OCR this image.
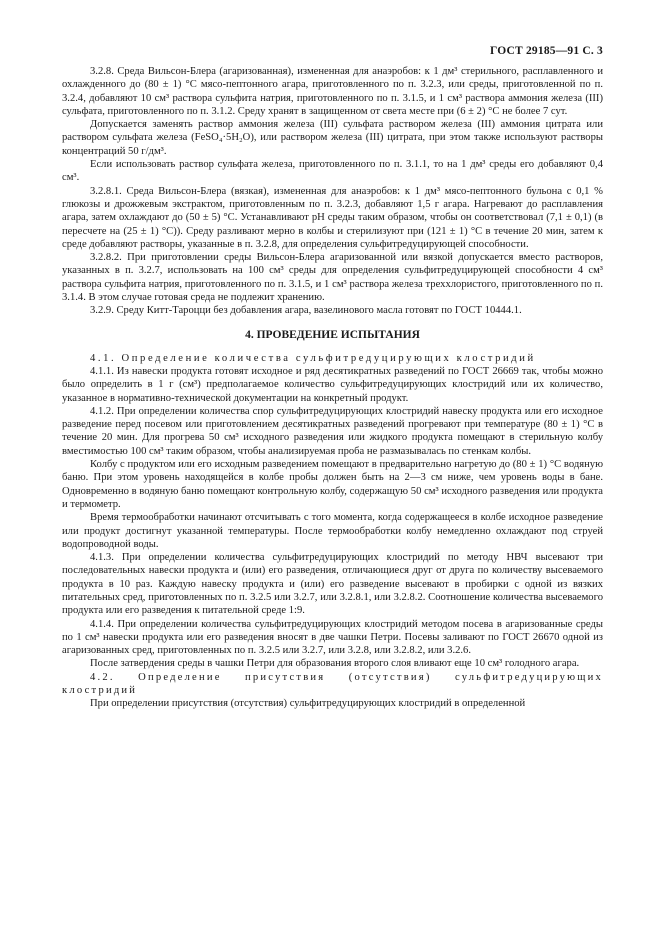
ГОСТ 29185—91 С. 3

3.2.8. Среда Вильсон-Блера (агаризованная), измененная для анаэробов: к 1 дм³ стерильного, расплавленного и охлажденного до (80 ± 1) °С мясо-пептонного агара, приготовленного по п. 3.2.3, или среды, приготовленной по п. 3.2.4, добавляют 10 см³ раствора сульфита натрия, приготовленного по п. 3.1.5, и 1 см³ раствора аммония железа (III) сульфата, приготовленного по п. 3.1.2. Среду хранят в защищенном от света месте при (6 ± 2) °С не более 7 сут.

Допускается заменять раствор аммония железа (III) сульфата раствором железа (III) аммония цитрата или раствором сульфата железа (FeSO₄·5H₂O), или раствором железа (III) цитрата, при этом также используют растворы концентраций 50 г/дм³.

Если использовать раствор сульфата железа, приготовленного по п. 3.1.1, то на 1 дм³ среды его добавляют 0,4 см³.

3.2.8.1. Среда Вильсон-Блера (вязкая), измененная для анаэробов: к 1 дм³ мясо-пептонного бульона с 0,1 % глюкозы и дрожжевым экстрактом, приготовленным по п. 3.2.3, добавляют 1,5 г агара. Нагревают до расплавления агара, затем охлаждают до (50 ± 5) °С. Устанавливают pH среды таким образом, чтобы он соответствовал (7,1 ± 0,1) (в пересчете на (25 ± 1) °С)). Среду разливают мерно в колбы и стерилизуют при (121 ± 1) °С в течение 20 мин, затем к среде добавляют растворы, указанные в п. 3.2.8, для определения сульфитредуцирующей способности.

3.2.8.2. При приготовлении среды Вильсон-Блера агаризованной или вязкой допускается вместо растворов, указанных в п. 3.2.7, использовать на 100 см³ среды для определения сульфитредуцирующей способности 4 см³ раствора сульфита натрия, приготовленного по п. 3.1.5, и 1 см³ раствора железа треххлористого, приготовленного по п. 3.1.4. В этом случае готовая среда не подлежит хранению.

3.2.9. Среду Китт-Тароцци без добавления агара, вазелинового масла готовят по ГОСТ 10444.1.

4. ПРОВЕДЕНИЕ ИСПЫТАНИЯ

4.1. Определение количества сульфитредуцирующих клостридий

4.1.1. Из навески продукта готовят исходное и ряд десятикратных разведений по ГОСТ 26669 так, чтобы можно было определить в 1 г (см³) предполагаемое количество сульфитредуцирующих клостридий или их количество, указанное в нормативно-технической документации на конкретный продукт.

4.1.2. При определении количества спор сульфитредуцирующих клостридий навеску продукта или его исходное разведение перед посевом или приготовлением десятикратных разведений прогревают при температуре (80 ± 1) °С в течение 20 мин. Для прогрева 50 см³ исходного разведения или жидкого продукта помещают в стерильную колбу вместимостью 100 см³ таким образом, чтобы анализируемая проба не размазывалась по стенкам колбы.

Колбу с продуктом или его исходным разведением помещают в предварительно нагретую до (80 ± 1) °С водяную баню. При этом уровень находящейся в колбе пробы должен быть на 2—3 см ниже, чем уровень воды в бане. Одновременно в водяную баню помещают контрольную колбу, содержащую 50 см³ исходного разведения или продукта и термометр.

Время термообработки начинают отсчитывать с того момента, когда содержащееся в колбе исходное разведение или продукт достигнут указанной температуры. После термообработки колбу немедленно охлаждают под струей водопроводной воды.

4.1.3. При определении количества сульфитредуцирующих клостридий по методу НВЧ высевают три последовательных навески продукта и (или) его разведения, отличающиеся друг от друга по количеству высеваемого продукта в 10 раз. Каждую навеску продукта и (или) его разведение высевают в пробирки с одной из вязких питательных сред, приготовленных по п. 3.2.5 или 3.2.7, или 3.2.8.1, или 3.2.8.2. Соотношение количества высеваемого продукта или его разведения к питательной среде 1:9.

4.1.4. При определении количества сульфитредуцирующих клостридий методом посева в агаризованные среды по 1 см³ навески продукта или его разведения вносят в две чашки Петри. Посевы заливают по ГОСТ 26670 одной из агаризованных сред, приготовленных по п. 3.2.5 или 3.2.7, или 3.2.8, или 3.2.8.2, или 3.2.6.

После затвердения среды в чашки Петри для образования второго слоя вливают еще 10 см³ голодного агара.

4.2. Определение присутствия (отсутствия) сульфитредуцирующих клостридий

При определении присутствия (отсутствия) сульфитредуцирующих клостридий в определенной
